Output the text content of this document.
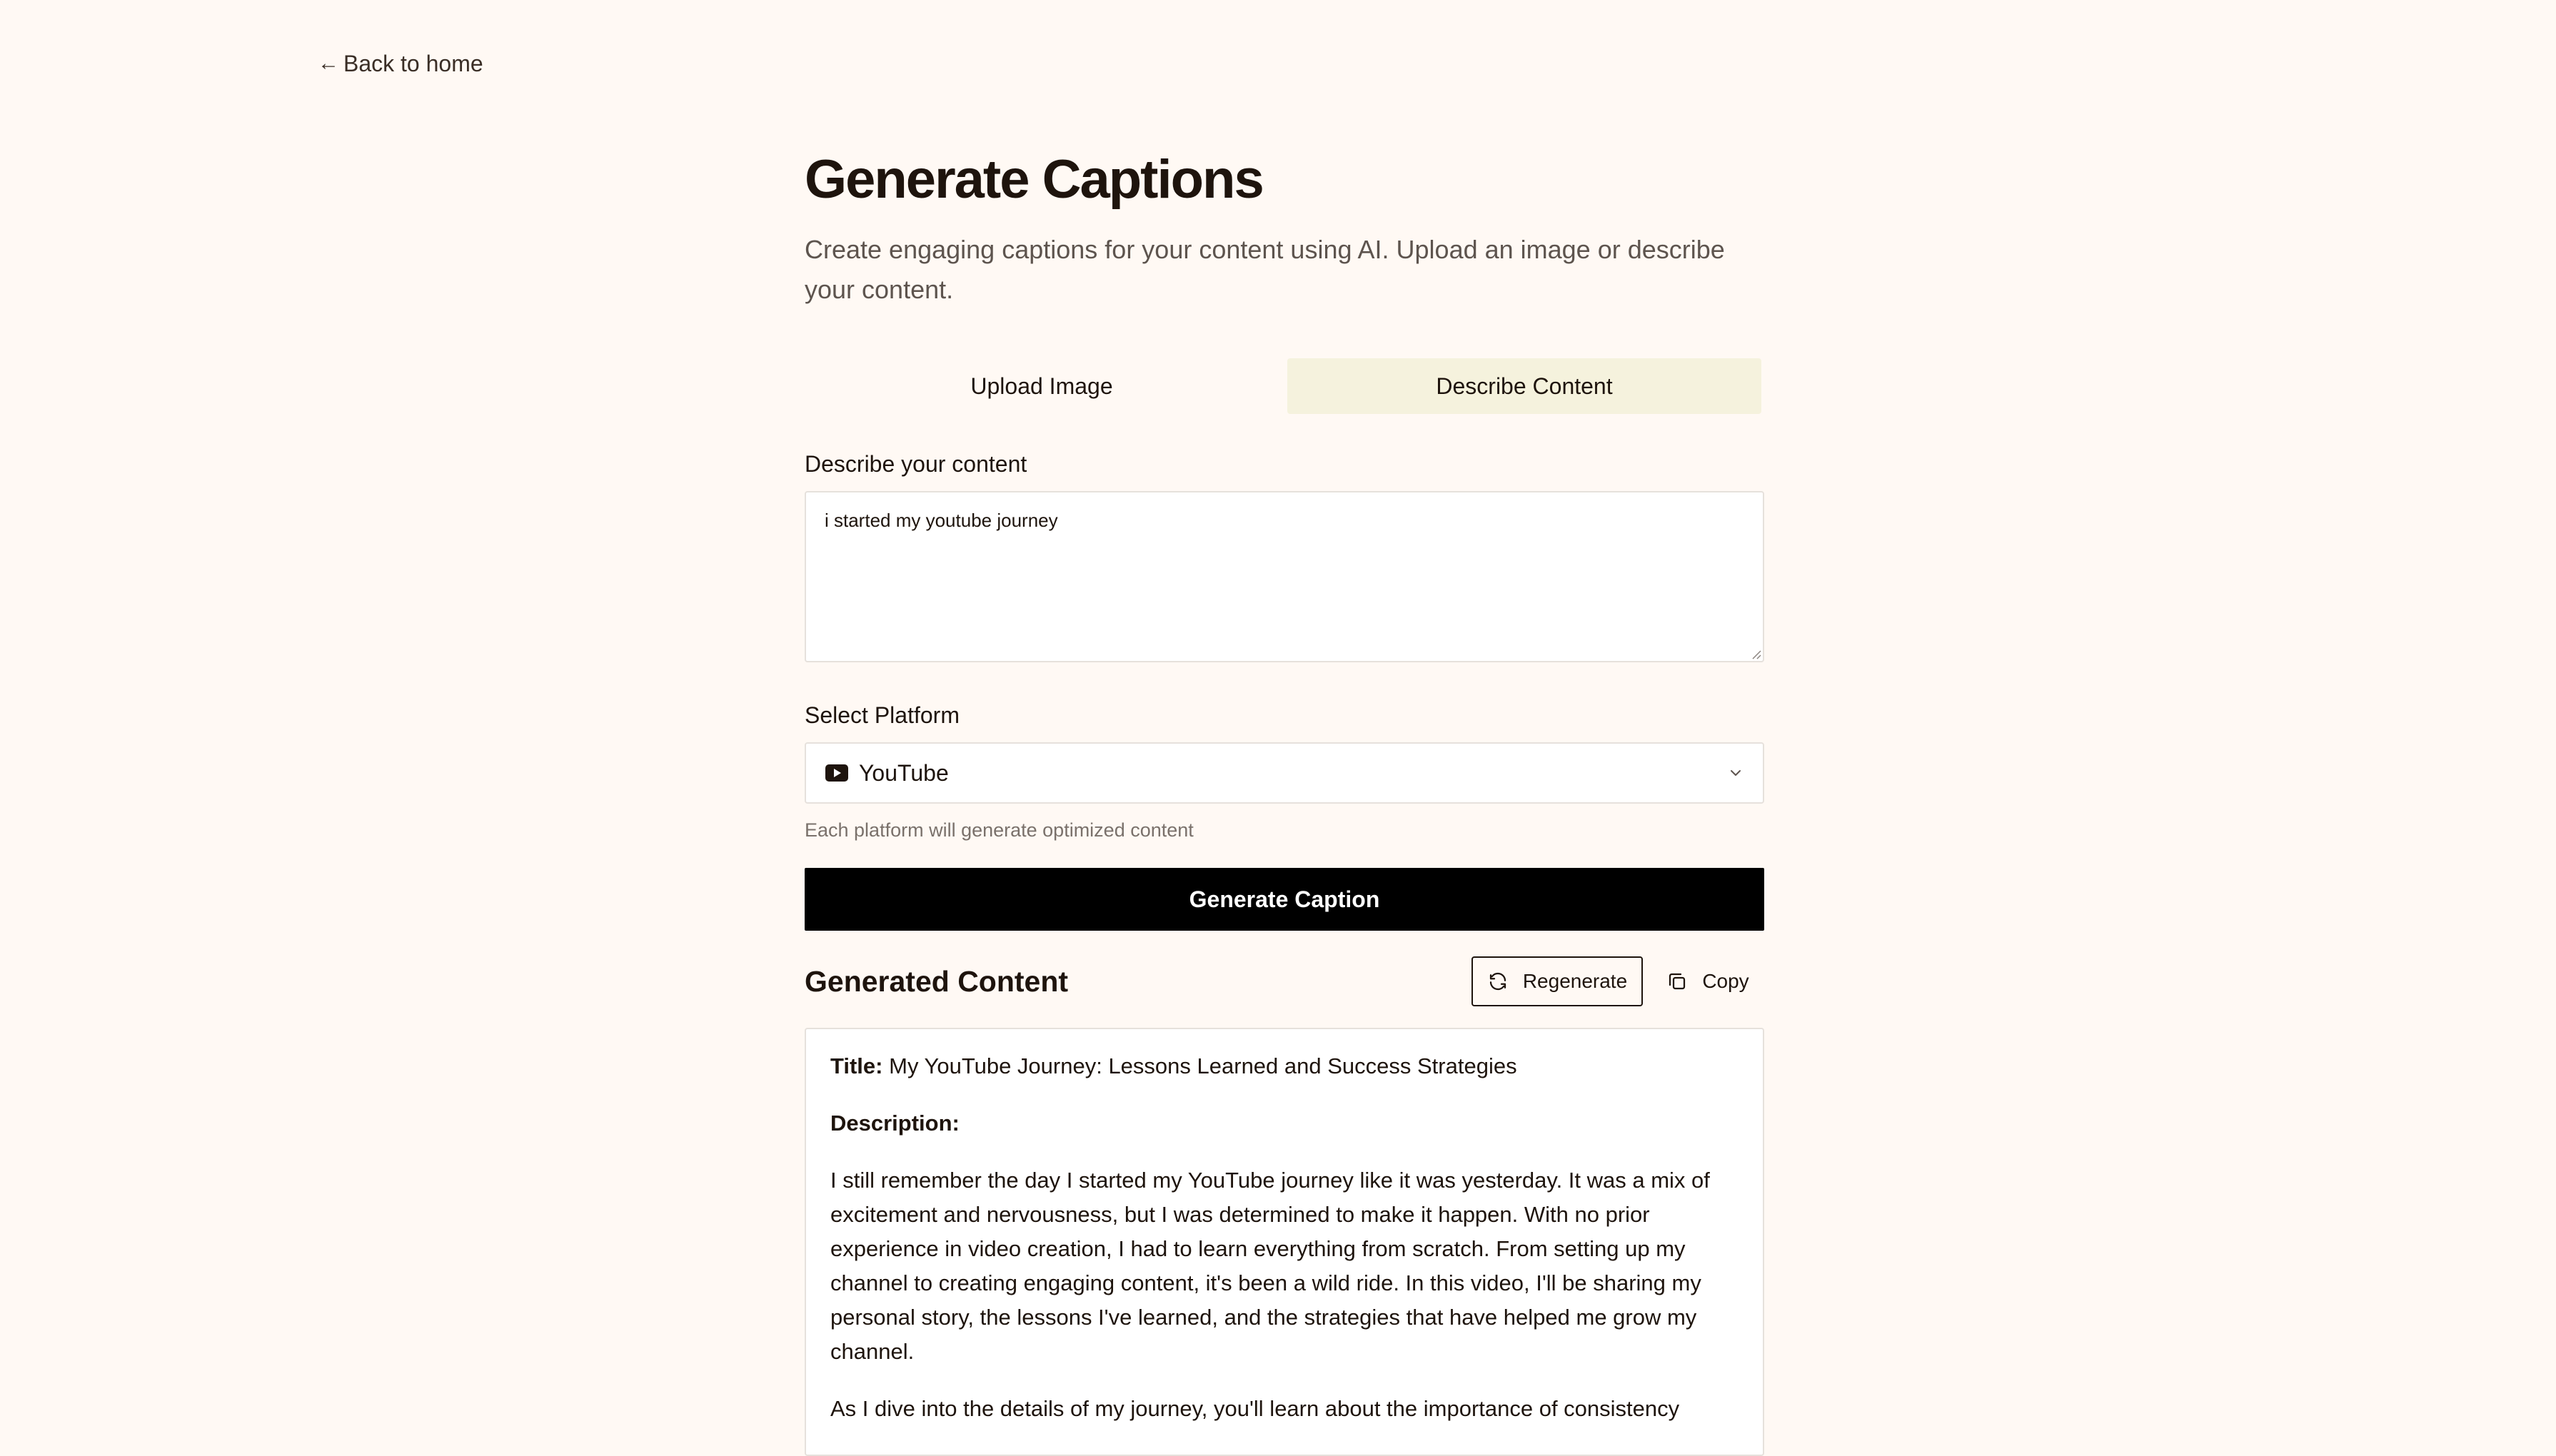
← Back to home
Generate Captions

Create engaging captions for your content using AI. Upload an image or describe your content.

Upload Image	Describe Content
Describe your content
i started my youtube journey
Select Platform
YouTube
Each platform will generate optimized content
Generate Caption
Generated Content	Regenerate	Copy

Title: My YouTube Journey: Lessons Learned and Success Strategies

Description:

I still remember the day I started my YouTube journey like it was yesterday. It was a mix of excitement and nervousness, but I was determined to make it happen. With no prior experience in video creation, I had to learn everything from scratch. From setting up my channel to creating engaging content, it's been a wild ride. In this video, I'll be sharing my personal story, the lessons I've learned, and the strategies that have helped me grow my channel.

As I dive into the details of my journey, you'll learn about the importance of consistency
